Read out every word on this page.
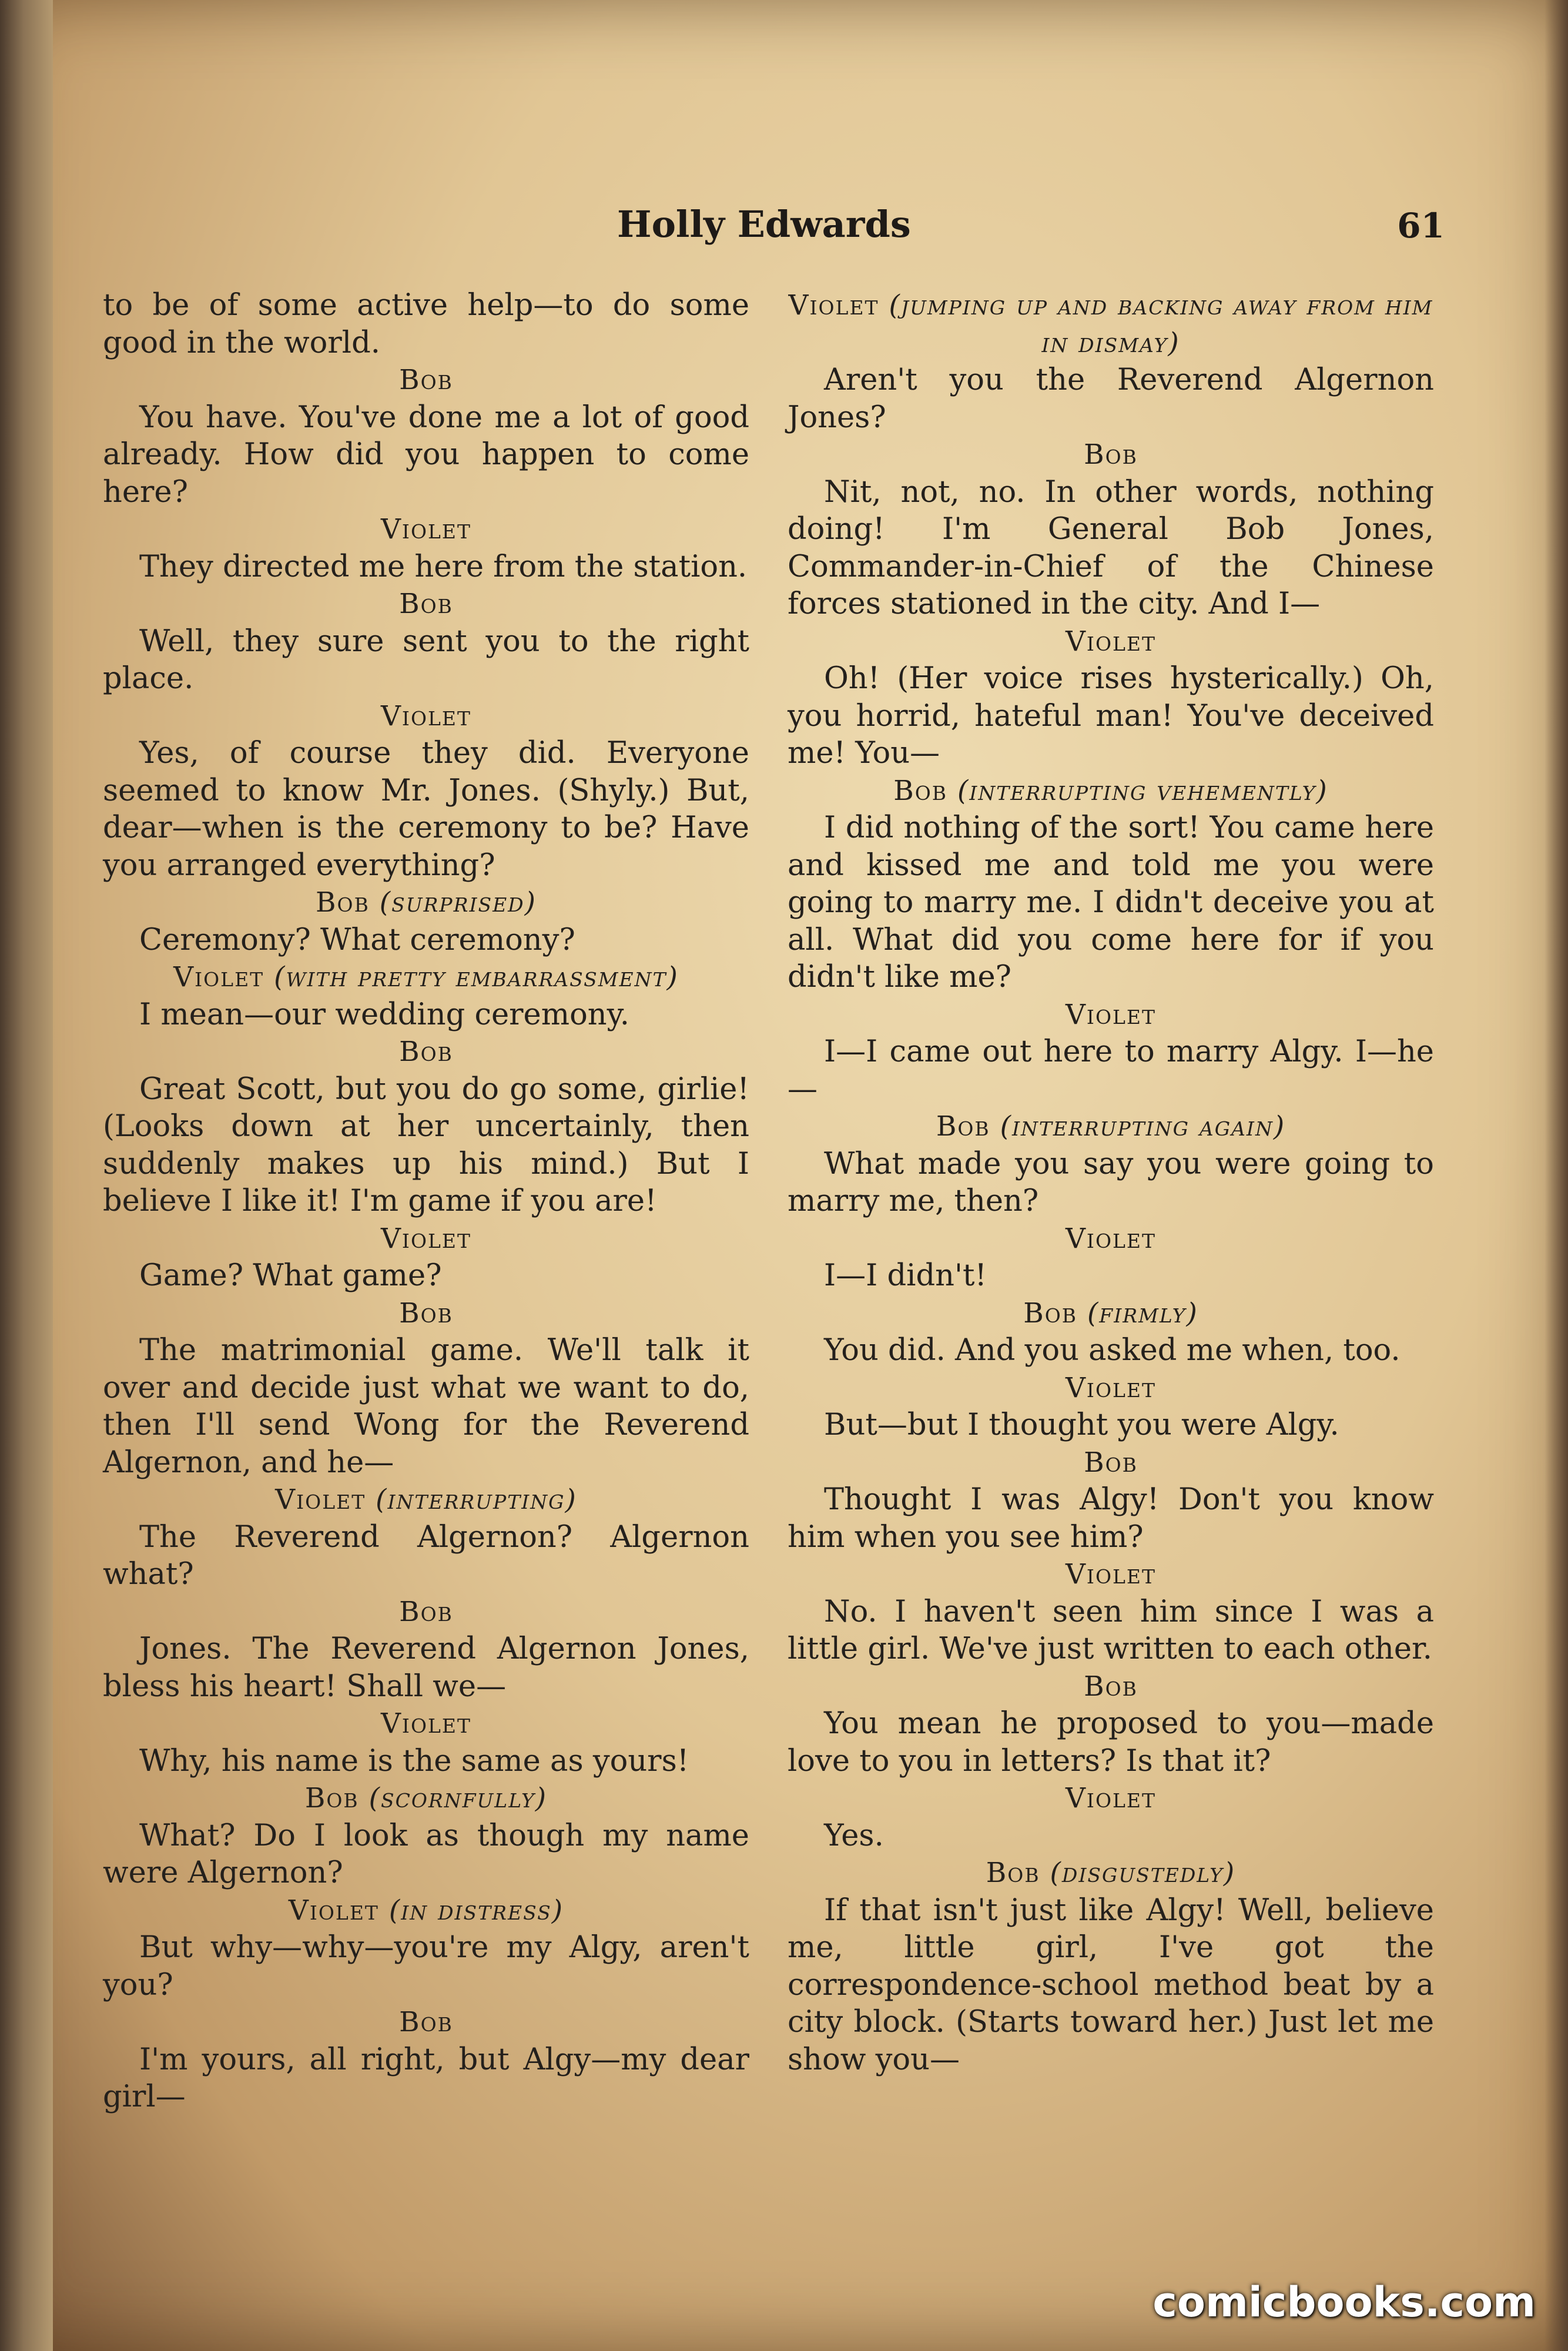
Holly Edwards	61

to be of some active help—to do some good in the world.

Bob

You have. You've done me a lot of good already. How did you happen to come here?

Violet

They directed me here from the station.

Bob

Well, they sure sent you to the right place.

Violet

Yes, of course they did. Everyone seemed to know Mr. Jones. (Shyly.) But, dear—when is the ceremony to be? Have you arranged everything?

Bob (surprised)

Ceremony? What ceremony?

Violet (with pretty embarrassment)

I mean—our wedding ceremony.

Bob

Great Scott, but you do go some, girlie! (Looks down at her uncertainly, then suddenly makes up his mind.) But I believe I like it! I'm game if you are!

Violet

Game? What game?

Bob

The matrimonial game. We'll talk it over and decide just what we want to do, then I'll send Wong for the Reverend Algernon, and he—

Violet (interrupting)

The Reverend Algernon? Algernon what?

Bob

Jones. The Reverend Algernon Jones, bless his heart! Shall we—

Violet

Why, his name is the same as yours!

Bob (scornfully)

What? Do I look as though my name were Algernon?

Violet (in distress)

But why—why—you're my Algy, aren't you?

Bob

I'm yours, all right, but Algy—my dear girl—

Violet (jumping up and backing away from him in dismay)

Aren't you the Reverend Algernon Jones?

Bob

Nit, not, no. In other words, nothing doing! I'm General Bob Jones, Commander-in-Chief of the Chinese forces stationed in the city. And I—

Violet

Oh! (Her voice rises hysterically.) Oh, you horrid, hateful man! You've deceived me! You—

Bob (interrupting vehemently)

I did nothing of the sort! You came here and kissed me and told me you were going to marry me. I didn't deceive you at all. What did you come here for if you didn't like me?

Violet

I—I came out here to marry Algy. I—he—

Bob (interrupting again)

What made you say you were going to marry me, then?

Violet

I—I didn't!

Bob (firmly)

You did. And you asked me when, too.

Violet

But—but I thought you were Algy.

Bob

Thought I was Algy! Don't you know him when you see him?

Violet

No. I haven't seen him since I was a little girl. We've just written to each other.

Bob

You mean he proposed to you—made love to you in letters? Is that it?

Violet

Yes.

Bob (disgustedly)

If that isn't just like Algy! Well, believe me, little girl, I've got the correspondence-school method beat by a city block. (Starts toward her.) Just let me show you—

comicbooks.com
